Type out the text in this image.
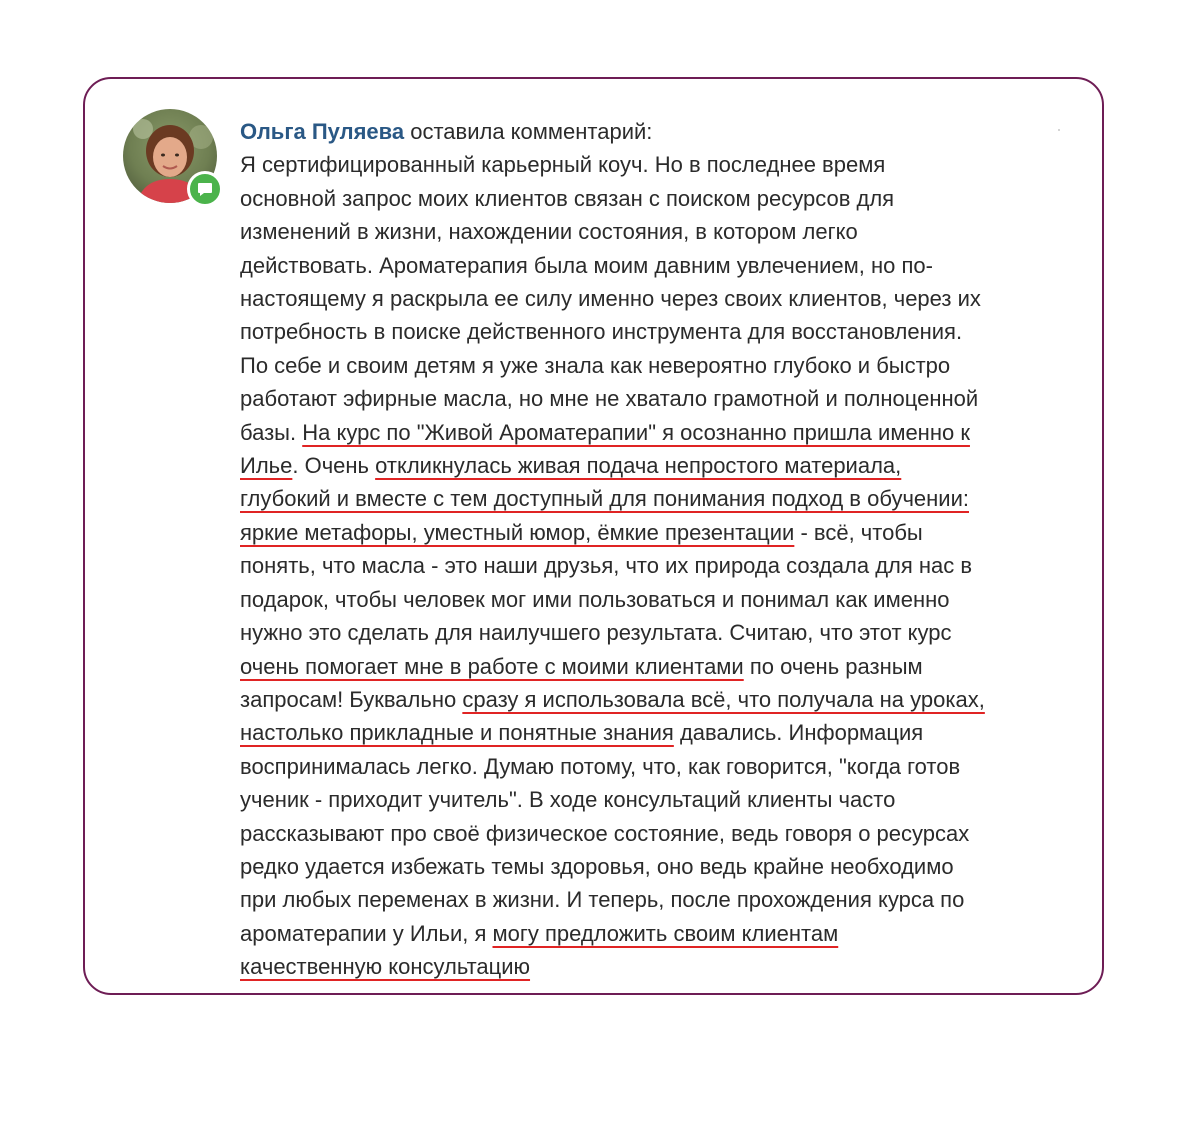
Ольга Пуляева оставила комментарий:
Я сертифицированный карьерный коуч. Но в последнее время
основной запрос моих клиентов связан с поиском ресурсов для
изменений в жизни, нахождении состояния, в котором легко
действовать. Ароматерапия была моим давним увлечением, но по-
настоящему я раскрыла ее силу именно через своих клиентов, через их
потребность в поиске действенного инструмента для восстановления.
По себе и своим детям я уже знала как невероятно глубоко и быстро
работают эфирные масла, но мне не хватало грамотной и полноценной
базы. На курс по "Живой Ароматерапии" я осознанно пришла именно к
Илье. Очень откликнулась живая подача непростого материала,
глубокий и вместе с тем доступный для понимания подход в обучении:
яркие метафоры, уместный юмор, ёмкие презентации - всё, чтобы
понять, что масла - это наши друзья, что их природа создала для нас в
подарок, чтобы человек мог ими пользоваться и понимал как именно
нужно это сделать для наилучшего результата. Считаю, что этот курс
очень помогает мне в работе с моими клиентами по очень разным
запросам! Буквально сразу я использовала всё, что получала на уроках,
настолько прикладные и понятные знания давались. Информация
воспринималась легко. Думаю потому, что, как говорится, "когда готов
ученик - приходит учитель". В ходе консультаций клиенты часто
рассказывают про своё физическое состояние, ведь говоря о ресурсах
редко удается избежать темы здоровья, оно ведь крайне необходимо
при любых переменах в жизни. И теперь, после прохождения курса по
ароматерапии у Ильи, я могу предложить своим клиентам
качественную консультацию
